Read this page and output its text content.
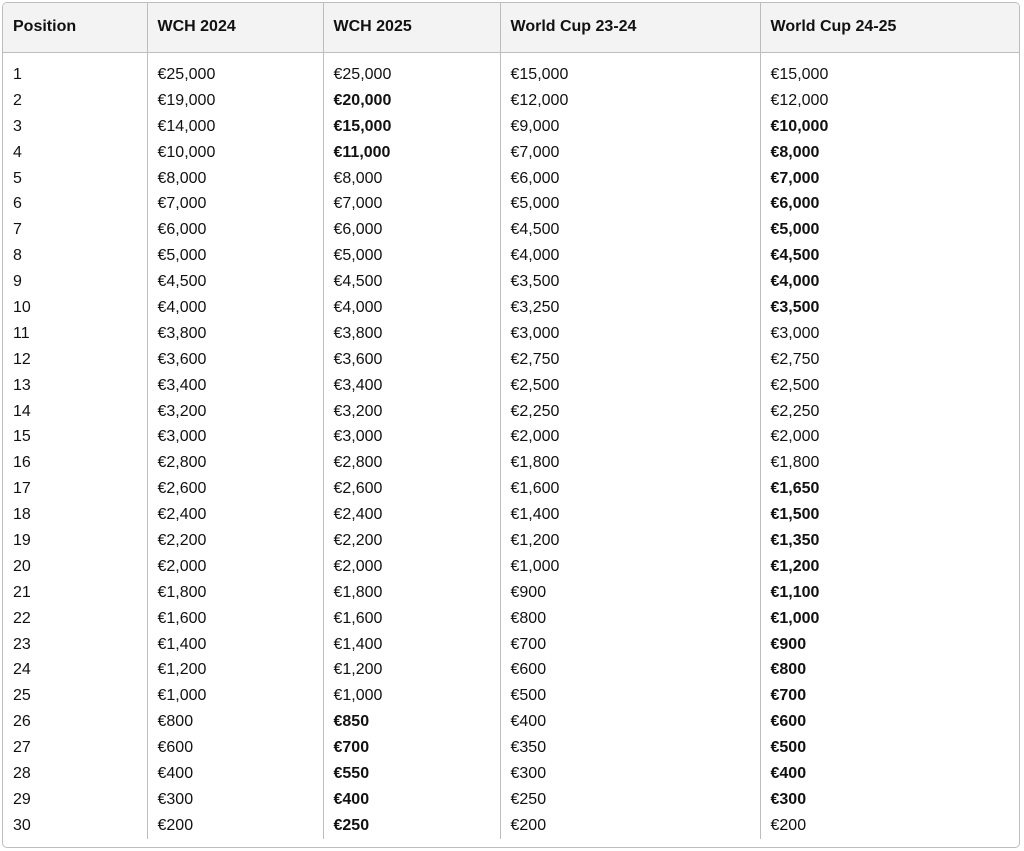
Position	WCH 2024	WCH 2025	World Cup 23-24	World Cup 24-25

1	€25,000	€25,000	€15,000	€15,000
2	€19,000	€20,000	€12,000	€12,000
3	€14,000	€15,000	€9,000	€10,000
4	€10,000	€11,000	€7,000	€8,000
5	€8,000	€8,000	€6,000	€7,000
6	€7,000	€7,000	€5,000	€6,000
7	€6,000	€6,000	€4,500	€5,000
8	€5,000	€5,000	€4,000	€4,500
9	€4,500	€4,500	€3,500	€4,000
10	€4,000	€4,000	€3,250	€3,500
11	€3,800	€3,800	€3,000	€3,000
12	€3,600	€3,600	€2,750	€2,750
13	€3,400	€3,400	€2,500	€2,500
14	€3,200	€3,200	€2,250	€2,250
15	€3,000	€3,000	€2,000	€2,000
16	€2,800	€2,800	€1,800	€1,800
17	€2,600	€2,600	€1,600	€1,650
18	€2,400	€2,400	€1,400	€1,500
19	€2,200	€2,200	€1,200	€1,350
20	€2,000	€2,000	€1,000	€1,200
21	€1,800	€1,800	€900	€1,100
22	€1,600	€1,600	€800	€1,000
23	€1,400	€1,400	€700	€900
24	€1,200	€1,200	€600	€800
25	€1,000	€1,000	€500	€700
26	€800	€850	€400	€600
27	€600	€700	€350	€500
28	€400	€550	€300	€400
29	€300	€400	€250	€300
30	€200	€250	€200	€200
